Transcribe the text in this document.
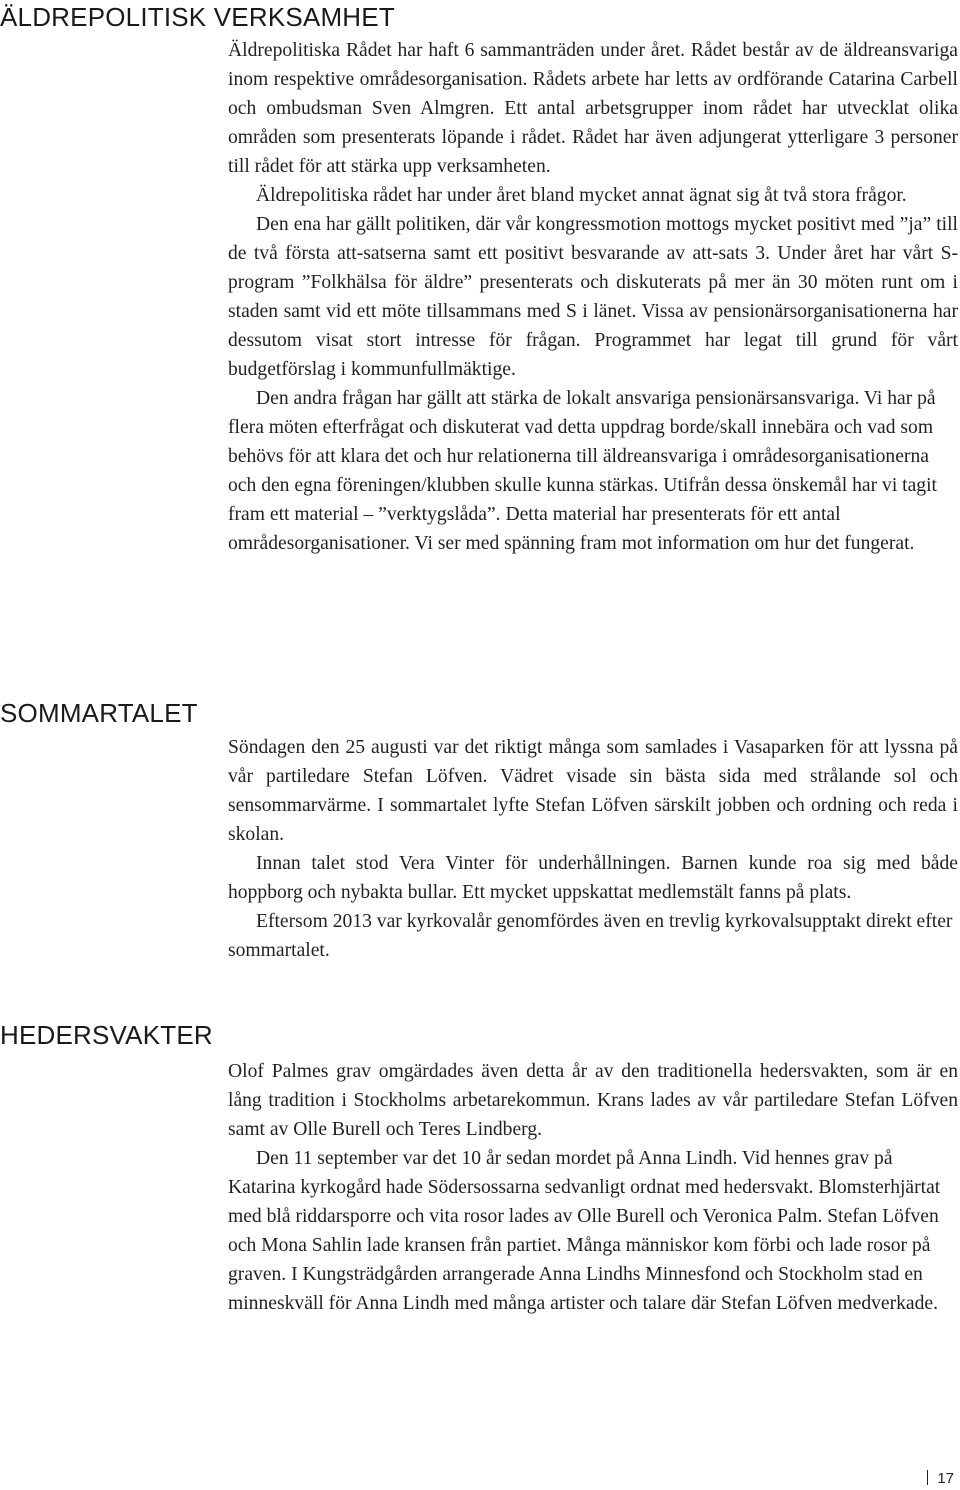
ÄLDREPOLITISK VERKSAMHET

Äldrepolitiska Rådet har haft 6 sammanträden under året. Rådet består av de äldreansvariga inom respektive områdesorganisation. Rådets arbete har letts av ordförande Catarina Carbell och ombudsman Sven Almgren. Ett antal arbetsgrupper inom rådet har utvecklat olika områden som presenterats löpande i rådet. Rådet har även adjungerat ytterligare 3 personer till rådet för att stärka upp verksamheten.

Äldrepolitiska rådet har under året bland mycket annat ägnat sig åt två stora frågor.

Den ena har gällt politiken, där vår kongressmotion mottogs mycket positivt med ”ja” till de två första att-satserna samt ett positivt besvarande av att-sats 3. Under året har vårt S-program ”Folkhälsa för äldre” presenterats och diskuterats på mer än 30 möten runt om i staden samt vid ett möte tillsammans med S i länet. Vissa av pensionärsorganisationerna har dessutom visat stort intresse för frågan. Programmet har legat till grund för vårt budgetförslag i kommunfullmäktige.

Den andra frågan har gällt att stärka de lokalt ansvariga pensionärsansvariga. Vi har på flera möten efterfrågat och diskuterat vad detta uppdrag borde/skall innebära och vad som behövs för att klara det och hur relationerna till äldreansvariga i områdesorganisationerna och den egna föreningen/klubben skulle kunna stärkas. Utifrån dessa önskemål har vi tagit fram ett material – ”verktygslåda”. Detta material har presenterats för ett antal områdesorganisationer. Vi ser med spänning fram mot information om hur det fungerat.

SOMMARTALET

Söndagen den 25 augusti var det riktigt många som samlades i Vasaparken för att lyssna på vår partiledare Stefan Löfven. Vädret visade sin bästa sida med strålande sol och sensommarvärme. I sommartalet lyfte Stefan Löfven särskilt jobben och ordning och reda i skolan.

Innan talet stod Vera Vinter för underhållningen. Barnen kunde roa sig med både hoppborg och nybakta bullar. Ett mycket uppskattat medlemstält fanns på plats.

Eftersom 2013 var kyrkovalår genomfördes även en trevlig kyrkovalsupptakt direkt efter sommartalet.

HEDERSVAKTER

Olof Palmes grav omgärdades även detta år av den traditionella hedersvakten, som är en lång tradition i Stockholms arbetarekommun. Krans lades av vår partiledare Stefan Löfven samt av Olle Burell och Teres Lindberg.

Den 11 september var det 10 år sedan mordet på Anna Lindh. Vid hennes grav på Katarina kyrkogård hade Södersossarna sedvanligt ordnat med hedersvakt. Blomsterhjärtat med blå riddarsporre och vita rosor lades av Olle Burell och Veronica Palm. Stefan Löfven och Mona Sahlin lade kransen från partiet. Många människor kom förbi och lade rosor på graven. I Kungsträdgården arrangerade Anna Lindhs Minnesfond och Stockholm stad en minneskväll för Anna Lindh med många artister och talare där Stefan Löfven medverkade.

17
